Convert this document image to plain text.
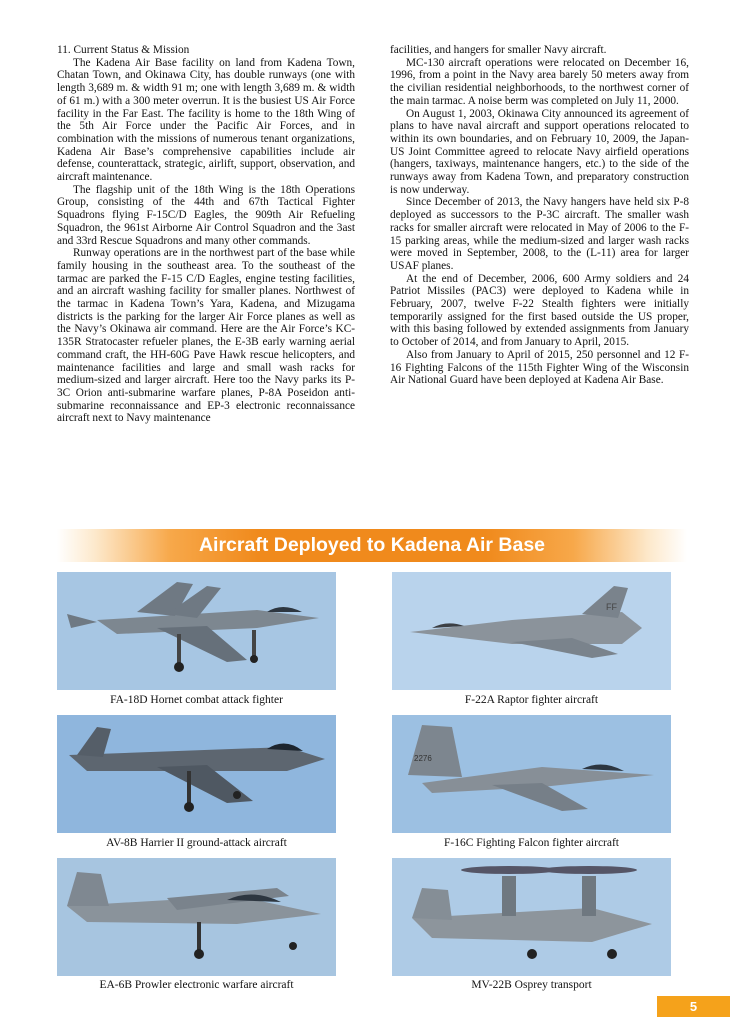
11. Current Status & Mission

The Kadena Air Base facility on land from Kadena Town, Chatan Town, and Okinawa City, has double runways (one with length 3,689 m. & width 91 m; one with length 3,689 m. & width of 61 m.) with a 300 meter overrun. It is the busiest US Air Force facility in the Far East. The facility is home to the 18th Wing of the 5th Air Force under the Pacific Air Forces, and in combination with the missions of numerous tenant organizations, Kadena Air Base’s comprehensive capabilities include air defense, counterattack, strategic, airlift, support, observation, and aircraft maintenance.

The flagship unit of the 18th Wing is the 18th Operations Group, consisting of the 44th and 67th Tactical Fighter Squadrons flying F-15C/D Eagles, the 909th Air Refueling Squadron, the 961st Airborne Air Control Squadron and the 3ast and 33rd Rescue Squadrons and many other commands.

Runway operations are in the northwest part of the base while family housing in the southeast area. To the southeast of the tarmac are parked the F-15 C/D Eagles, engine testing facilities, and an aircraft washing facility for smaller planes. Northwest of the tarmac in Kadena Town’s Yara, Kadena, and Mizugama districts is the parking for the larger Air Force planes as well as the Navy’s Okinawa air command. Here are the Air Force’s KC-135R Stratocaster refueler planes, the E-3B early warning aerial command craft, the HH-60G Pave Hawk rescue helicopters, and maintenance facilities and large and small wash racks for medium-sized and larger aircraft. Here too the Navy parks its P-3C Orion anti-submarine warfare planes, P-8A Poseidon anti-submarine reconnaissance and EP-3 electronic reconnaissance aircraft next to Navy maintenance

facilities, and hangers for smaller Navy aircraft.

MC-130 aircraft operations were relocated on December 16, 1996, from a point in the Navy area barely 50 meters away from the civilian residential neighborhoods, to the northwest corner of the main tarmac. A noise berm was completed on July 11, 2000.

On August 1, 2003, Okinawa City announced its agreement of plans to have naval aircraft and support operations relocated to within its own boundaries, and on February 10, 2009, the Japan-US Joint Committee agreed to relocate Navy airfield operations (hangers, taxiways, maintenance hangers, etc.) to the side of the runways away from Kadena Town, and preparatory construction is now underway.

Since December of 2013, the Navy hangers have held six P-8 deployed as successors to the P-3C aircraft. The smaller wash racks for smaller aircraft were relocated in May of 2006 to the F-15 parking areas, while the medium-sized and larger wash racks were moved in September, 2008, to the (L-11) area for larger USAF planes.

At the end of December, 2006, 600 Army soldiers and 24 Patriot Missiles (PAC3) were deployed to Kadena while in February, 2007, twelve F-22 Stealth fighters were initially temporarily assigned for the first based outside the US proper, with this basing followed by extended assignments from January to October of 2014, and from January to April, 2015.

Also from January to April of 2015, 250 personnel and 12 F-16 Fighting Falcons of the 115th Fighter Wing of the Wisconsin Air National Guard have been deployed at Kadena Air Base.

Aircraft Deployed to Kadena Air Base
FA-18D Hornet combat attack fighter
FF
F-22A Raptor fighter aircraft
AV-8B Harrier II ground-attack aircraft
2276
F-16C Fighting Falcon fighter aircraft
EA-6B Prowler electronic warfare aircraft	MV-22B Osprey transport
5
